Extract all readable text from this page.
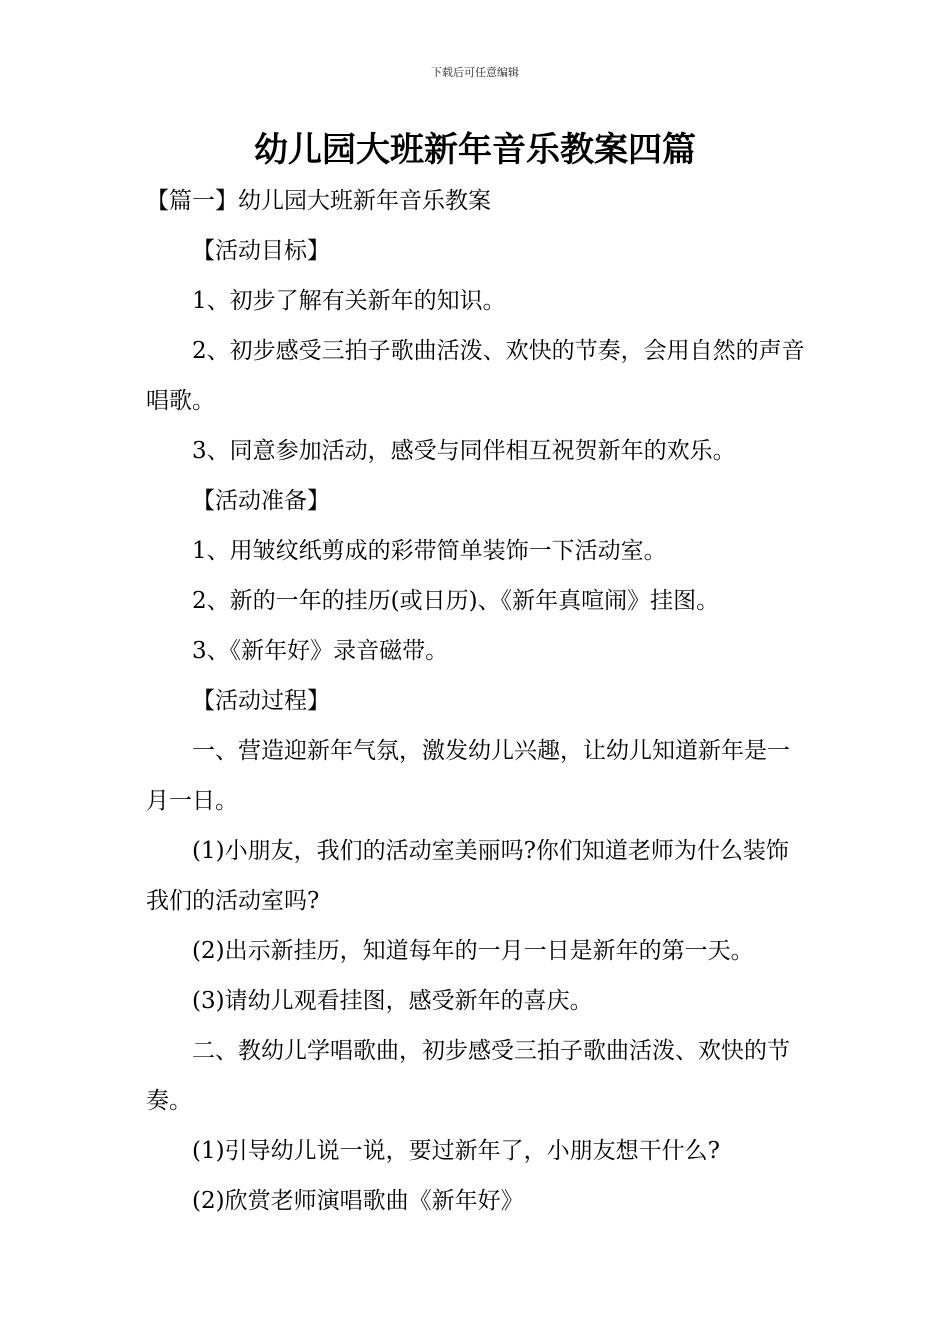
下载后可任意编辑
幼儿园大班新年音乐教案四篇

【篇一】幼儿园大班新年音乐教案

【活动目标】

1、初步了解有关新年的知识。

2、初步感受三拍子歌曲活泼、欢快的节奏，会用自然的声音唱歌。

3、同意参加活动，感受与同伴相互祝贺新年的欢乐。

【活动准备】

1、用皱纹纸剪成的彩带简单装饰一下活动室。

2、新的一年的挂历(或日历)、《新年真喧闹》挂图。

3、《新年好》录音磁带。

【活动过程】

一、营造迎新年气氛，激发幼儿兴趣，让幼儿知道新年是一月一日。

(1)小朋友，我们的活动室美丽吗?你们知道老师为什么装饰我们的活动室吗?

(2)出示新挂历，知道每年的一月一日是新年的第一天。

(3)请幼儿观看挂图，感受新年的喜庆。

二、教幼儿学唱歌曲，初步感受三拍子歌曲活泼、欢快的节奏。

(1)引导幼儿说一说，要过新年了，小朋友想干什么?

(2)欣赏老师演唱歌曲《新年好》
